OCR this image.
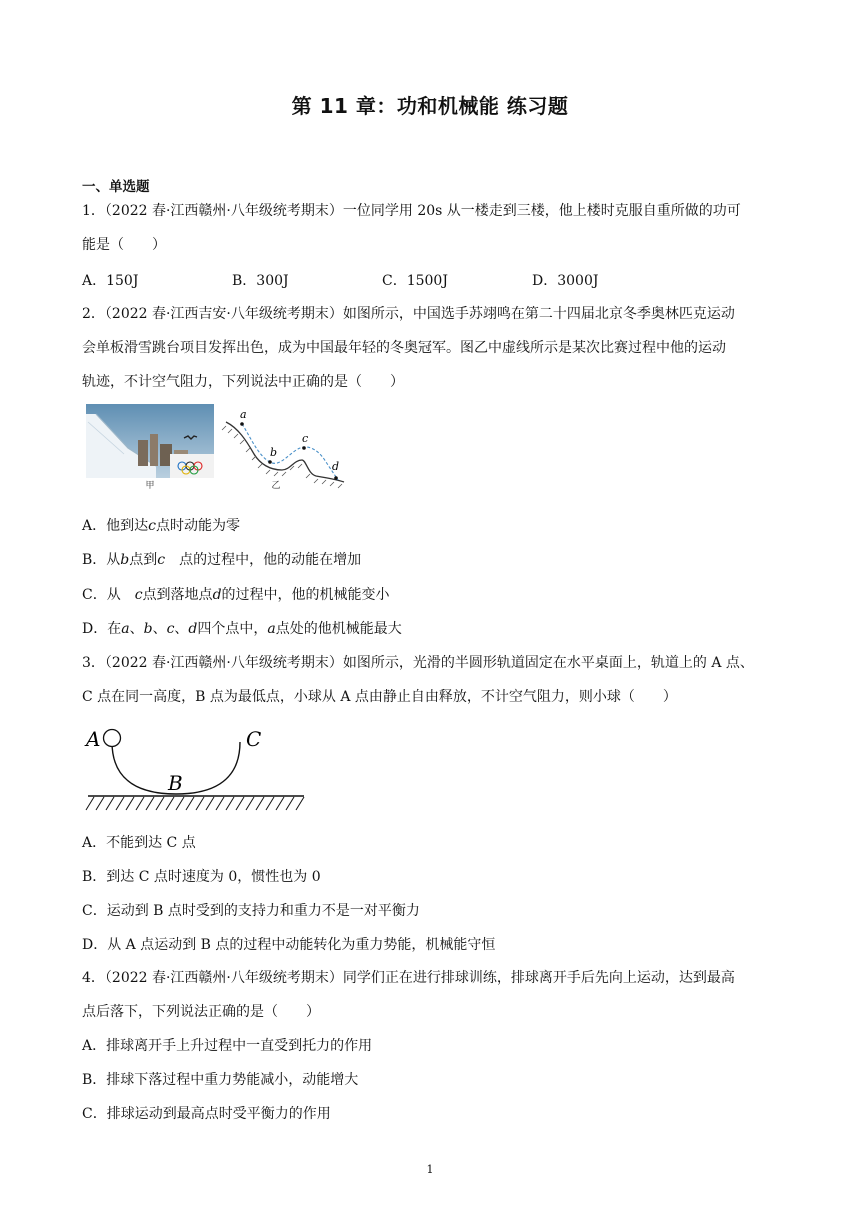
第 11 章：功和机械能 练习题
一、单选题
1．（2022 春·江西赣州·八年级统考期末）一位同学用 20s 从一楼走到三楼，他上楼时克服自重所做的功可
能是（　　）
A．150J	B．300J	C．1500J	D．3000J
2．（2022 春·江西吉安·八年级统考期末）如图所示，中国选手苏翊鸣在第二十四届北京冬季奥林匹克运动
会单板滑雪跳台项目发挥出色，成为中国最年轻的冬奥冠军。图乙中虚线所示是某次比赛过程中他的运动
轨迹，不计空气阻力，下列说法中正确的是（　　）
甲
a
b
c
d
乙
A．他到达c点时动能为零
B．从b点到c　点的过程中，他的动能在增加
C．从　c点到落地点d的过程中，他的机械能变小
D．在a、b、c、d四个点中，a点处的他机械能最大
3．（2022 春·江西赣州·八年级统考期末）如图所示，光滑的半圆形轨道固定在水平桌面上，轨道上的 A 点、
C 点在同一高度，B 点为最低点，小球从 A 点由静止自由释放，不计空气阻力，则小球（　　）
A
B
C
A．不能到达 C 点
B．到达 C 点时速度为 0，惯性也为 0
C．运动到 B 点时受到的支持力和重力不是一对平衡力
D．从 A 点运动到 B 点的过程中动能转化为重力势能，机械能守恒
4．（2022 春·江西赣州·八年级统考期末）同学们正在进行排球训练，排球离开手后先向上运动，达到最高
点后落下，下列说法正确的是（　　）
A．排球离开手上升过程中一直受到托力的作用
B．排球下落过程中重力势能减小，动能增大
C．排球运动到最高点时受平衡力的作用
1
